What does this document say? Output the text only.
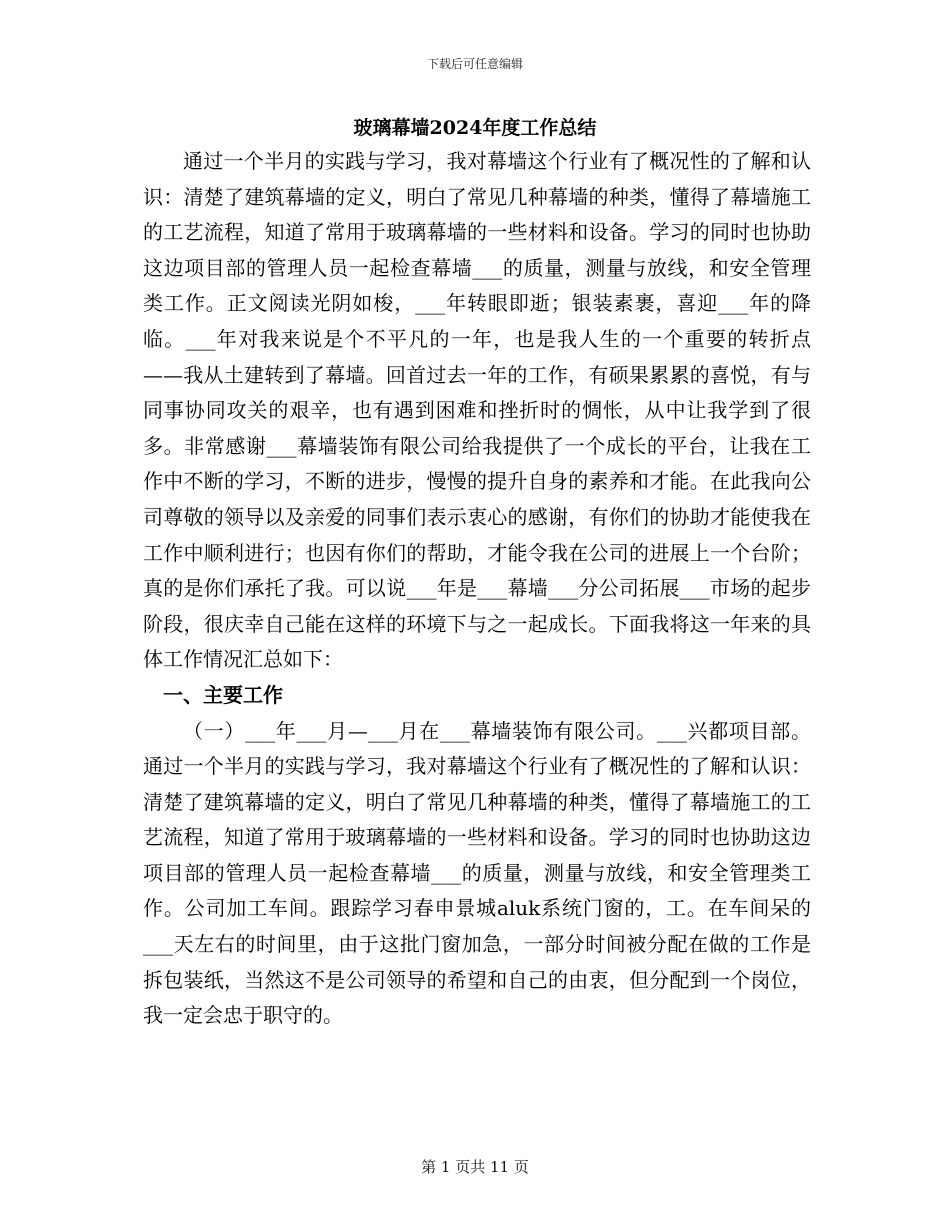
下载后可任意编辑
玻璃幕墙2024年度工作总结

通过一个半月的实践与学习，我对幕墙这个行业有了概况性的了解和认识：清楚了建筑幕墙的定义，明白了常见几种幕墙的种类，懂得了幕墙施工的工艺流程，知道了常用于玻璃幕墙的一些材料和设备。学习的同时也协助这边项目部的管理人员一起检查幕墙___的质量，测量与放线，和安全管理类工作。正文阅读光阴如梭，___年转眼即逝；银装素裹，喜迎___年的降临。___年对我来说是个不平凡的一年，也是我人生的一个重要的转折点——我从土建转到了幕墙。回首过去一年的工作，有硕果累累的喜悦，有与同事协同攻关的艰辛，也有遇到困难和挫折时的惆怅，从中让我学到了很多。非常感谢___幕墙装饰有限公司给我提供了一个成长的平台，让我在工作中不断的学习，不断的进步，慢慢的提升自身的素养和才能。在此我向公司尊敬的领导以及亲爱的同事们表示衷心的感谢，有你们的协助才能使我在工作中顺利进行；也因有你们的帮助，才能令我在公司的进展上一个台阶；真的是你们承托了我。可以说___年是___幕墙___分公司拓展___市场的起步阶段，很庆幸自己能在这样的环境下与之一起成长。下面我将这一年来的具体工作情况汇总如下：

一、主要工作

（一）___年___月—___月在___幕墙装饰有限公司。___兴都项目部。通过一个半月的实践与学习，我对幕墙这个行业有了概况性的了解和认识：清楚了建筑幕墙的定义，明白了常见几种幕墙的种类，懂得了幕墙施工的工艺流程，知道了常用于玻璃幕墙的一些材料和设备。学习的同时也协助这边项目部的管理人员一起检查幕墙___的质量，测量与放线，和安全管理类工作。公司加工车间。跟踪学习春申景城aluk系统门窗的，工。在车间呆的___天左右的时间里，由于这批门窗加急，一部分时间被分配在做的工作是拆包装纸，当然这不是公司领导的希望和自己的由衷，但分配到一个岗位，我一定会忠于职守的。

第 1 页共 11 页
